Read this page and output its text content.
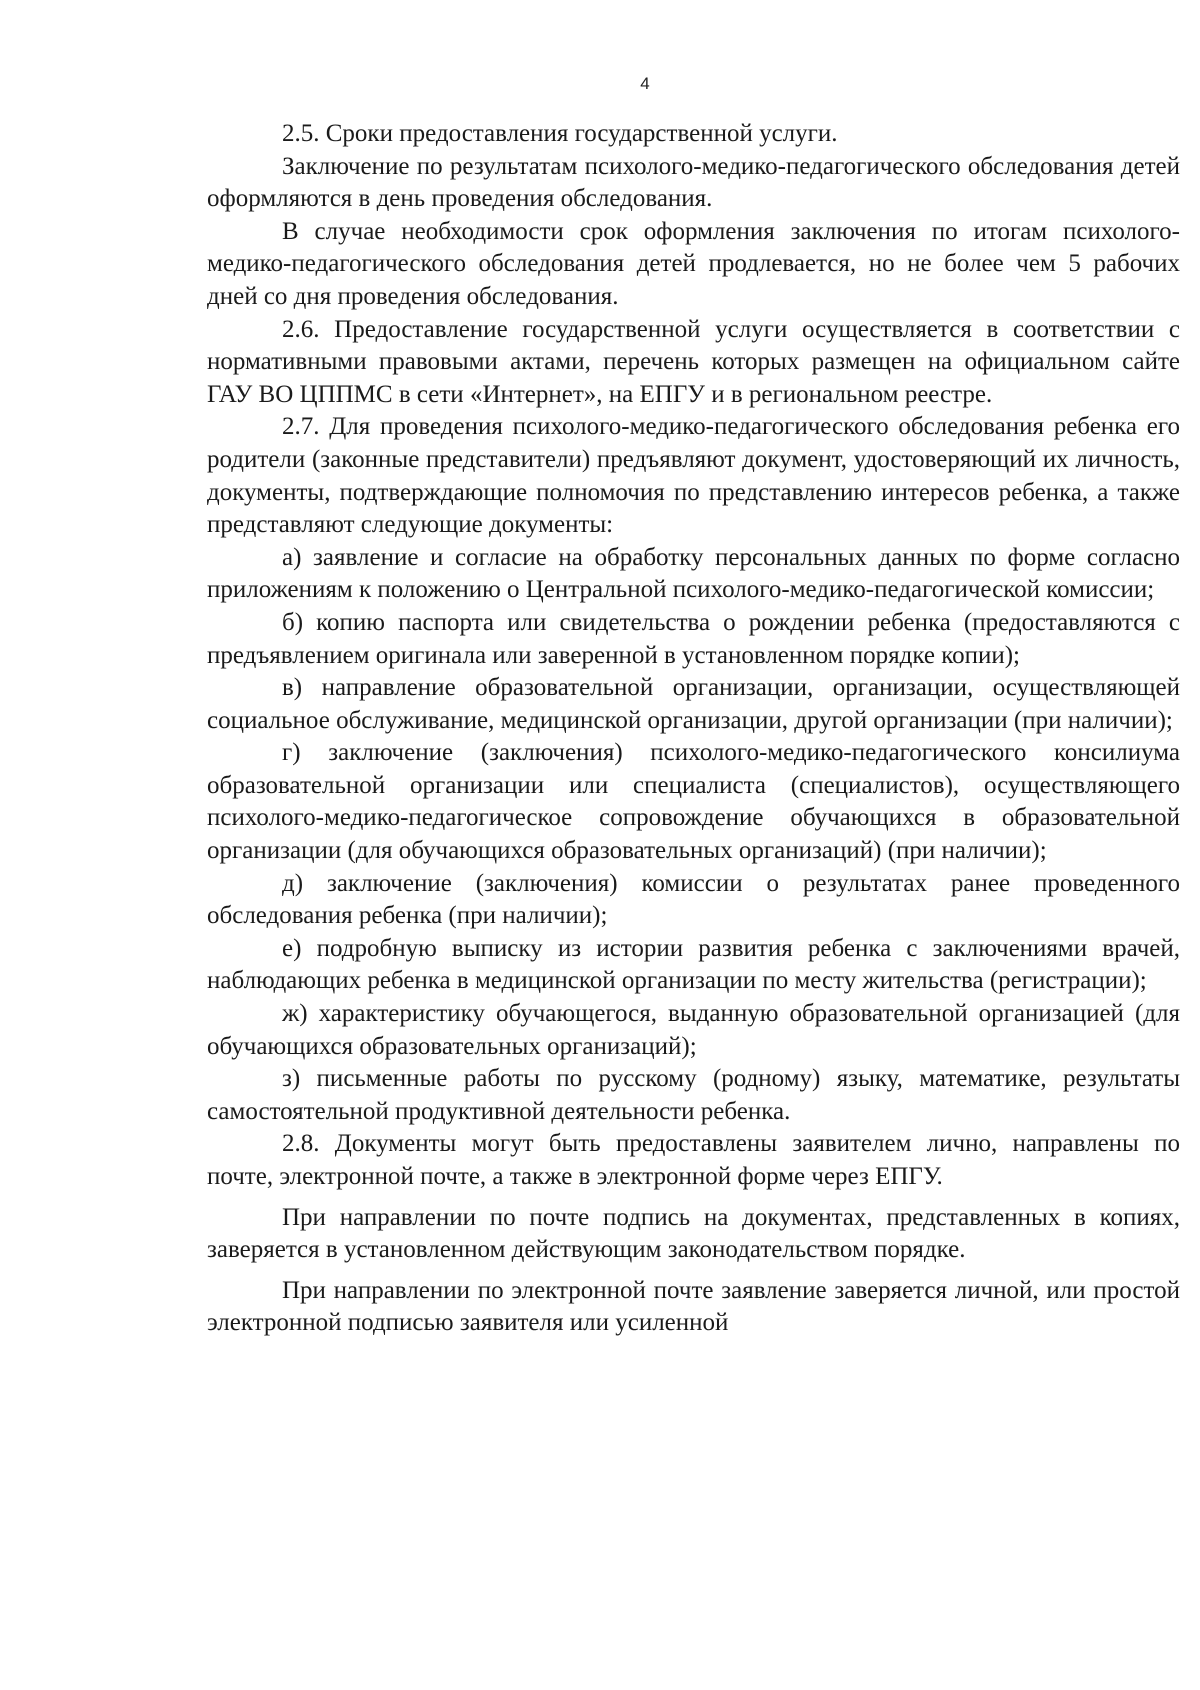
4

2.5. Сроки предоставления государственной услуги.

Заключение по результатам психолого-медико-педагогического обследования детей оформляются в день проведения обследования.

В случае необходимости срок оформления заключения по итогам психолого-медико-педагогического обследования детей продлевается, но не более чем 5 рабочих дней со дня проведения обследования.

2.6. Предоставление государственной услуги осуществляется в соответствии с нормативными правовыми актами, перечень которых размещен на официальном сайте ГАУ ВО ЦППМС в сети «Интернет», на ЕПГУ и в региональном реестре.

2.7. Для проведения психолого-медико-педагогического обследования ребенка его родители (законные представители) предъявляют документ, удостоверяющий их личность, документы, подтверждающие полномочия по представлению интересов ребенка, а также представляют следующие документы:

а) заявление и согласие на обработку персональных данных по форме согласно приложениям к положению о Центральной психолого-медико-педагогической комиссии;

б) копию паспорта или свидетельства о рождении ребенка (предоставляются с предъявлением оригинала или заверенной в установленном порядке копии);

в) направление образовательной организации, организации, осуществляющей социальное обслуживание, медицинской организации, другой организации (при наличии);

г) заключение (заключения) психолого-медико-педагогического консилиума образовательной организации или специалиста (специалистов), осуществляющего психолого-медико-педагогическое сопровождение обучающихся в образовательной организации (для обучающихся образовательных организаций) (при наличии);

д) заключение (заключения) комиссии о результатах ранее проведенного обследования ребенка (при наличии);

е) подробную выписку из истории развития ребенка с заключениями врачей, наблюдающих ребенка в медицинской организации по месту жительства (регистрации);

ж) характеристику обучающегося, выданную образовательной организацией (для обучающихся образовательных организаций);

з) письменные работы по русскому (родному) языку, математике, результаты самостоятельной продуктивной деятельности ребенка.

2.8. Документы могут быть предоставлены заявителем лично, направлены по почте, электронной почте, а также в электронной форме через ЕПГУ.

При направлении по почте подпись на документах, представленных в копиях, заверяется в установленном действующим законодательством порядке.

При направлении по электронной почте заявление заверяется личной, или простой электронной подписью заявителя или усиленной
